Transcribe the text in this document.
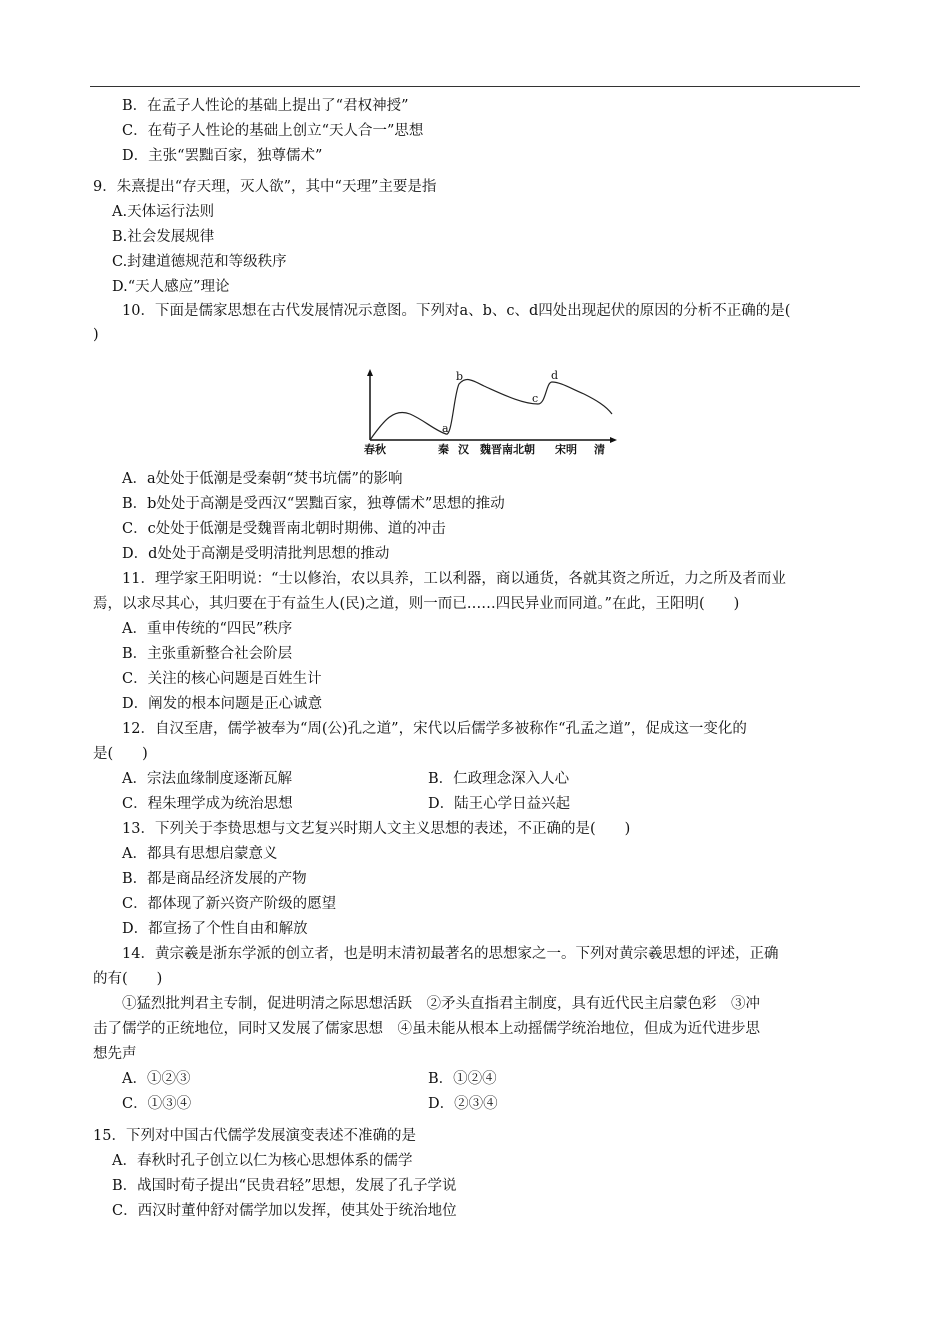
B．在孟子人性论的基础上提出了“君权神授”
C．在荀子人性论的基础上创立“天人合一”思想
D．主张“罢黜百家，独尊儒术”
9．朱熹提出“存天理，灭人欲”，其中“天理”主要是指
A.天体运行法则
B.社会发展规律
C.封建道德规范和等级秩序
D.“天人感应”理论
10．下面是儒家思想在古代发展情况示意图。下列对a、b、c、d四处出现起伏的原因的分析不正确的是(
)
a
b
c
d
春秋	秦 汉 魏晋南北朝 宋明 清
A．a处处于低潮是受秦朝“焚书坑儒”的影响
B．b处处于高潮是受西汉“罢黜百家，独尊儒术”思想的推动
C．c处处于低潮是受魏晋南北朝时期佛、道的冲击
D．d处处于高潮是受明清批判思想的推动
11．理学家王阳明说：“士以修治，农以具养，工以利器，商以通货，各就其资之所近，力之所及者而业
焉，以求尽其心，其归要在于有益生人(民)之道，则一而已……四民异业而同道。”在此，王阳明(　　)
A．重申传统的“四民”秩序
B．主张重新整合社会阶层
C．关注的核心问题是百姓生计
D．阐发的根本问题是正心诚意
12．自汉至唐，儒学被奉为“周(公)孔之道”，宋代以后儒学多被称作“孔孟之道”，促成这一变化的
是(　　)
A．宗法血缘制度逐渐瓦解	B．仁政理念深入人心
C．程朱理学成为统治思想	D．陆王心学日益兴起
13．下列关于李贽思想与文艺复兴时期人文主义思想的表述，不正确的是(　　)
A．都具有思想启蒙意义
B．都是商品经济发展的产物
C．都体现了新兴资产阶级的愿望
D．都宣扬了个性自由和解放
14．黄宗羲是浙东学派的创立者，也是明末清初最著名的思想家之一。下列对黄宗羲思想的评述，正确
的有(　　)
①猛烈批判君主专制，促进明清之际思想活跃　②矛头直指君主制度，具有近代民主启蒙色彩　③冲
击了儒学的正统地位，同时又发展了儒家思想　④虽未能从根本上动摇儒学统治地位，但成为近代进步思
想先声
A．①②③	B．①②④
C．①③④	D．②③④
15．下列对中国古代儒学发展演变表述不准确的是
A．春秋时孔子创立以仁为核心思想体系的儒学
B．战国时荀子提出“民贵君轻”思想，发展了孔子学说
C．西汉时董仲舒对儒学加以发挥，使其处于统治地位
